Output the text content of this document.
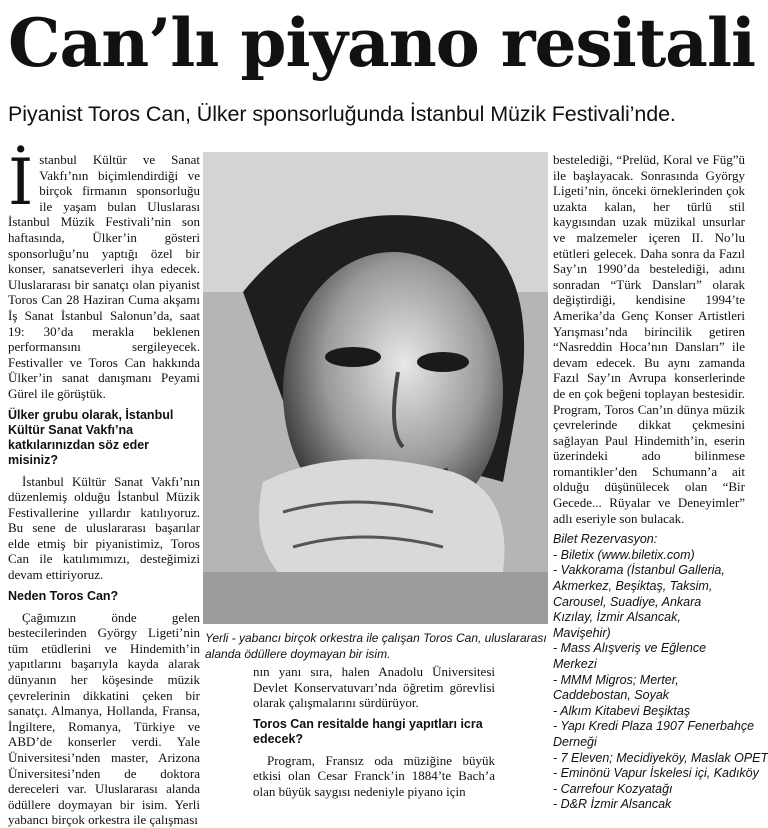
Can’lı piyano resitali
Piyanist Toros Can, Ülker sponsorluğunda İstanbul Müzik Festivali’nde.

İstanbul Kültür ve Sanat Vakfı’nın biçimlendirdiği ve birçok firmanın sponsorluğu ile yaşam bulan Uluslarası İstanbul Müzik Festivali’nin son haftasında, Ülker’in gösteri sponsorluğu’nu yaptığı özel bir konser, sanatseverleri ihya edecek. Uluslararası bir sanatçı olan piyanist Toros Can 28 Haziran Cuma akşamı İş Sanat İstanbul Salonun’da, saat 19: 30’da merakla beklenen performansını sergileyecek. Festivaller ve Toros Can hakkında Ülker’in sanat danışmanı Peyami Gürel ile görüştük.

Ülker grubu olarak, İstanbul Kültür Sanat Vakfı’na katkılarınızdan söz eder misiniz?

İstanbul Kültür Sanat Vakfı’nın düzenlemiş olduğu İstanbul Müzik Festivallerine yıllardır katılıyoruz. Bu sene de uluslararası başarılar elde etmiş bir piyanistimiz, Toros Can ile katılımımızı, desteğimizi devam ettiriyoruz.

Neden Toros Can?

Çağımızın önde gelen bestecilerinden György Ligeti’nin tüm etüdlerini ve Hindemith’in yapıtlarını başarıyla kayda alarak dünyanın her köşesinde müzik çevrelerinin dikkatini çeken bir sanatçı. Almanya, Hollanda, Fransa, İngiltere, Romanya, Türkiye ve ABD’de konserler verdi. Yale Üniversitesi’nden master, Arizona Üniversitesi’nden de doktora dereceleri var. Uluslararası alanda ödüllere doymayan bir isim. Yerli yabancı birçok orkestra ile çalışması

Yerli - yabancı birçok orkestra ile çalışan Toros Can, uluslararası alanda ödüllere doymayan bir isim.

nın yanı sıra, halen Anadolu Üniversitesi Devlet Konservatuvarı’nda öğretim görevlisi olarak çalışmalarını sürdürüyor.

Toros Can resitalde hangi yapıtları icra edecek?

Program, Fransız oda müziğine büyük etkisi olan Cesar Franck’in 1884’te Bach’a olan büyük saygısı nedeniyle piyano için

bestelediği, “Prelüd, Koral ve Füg”ü ile başlayacak. Sonrasında György Ligeti’nin, önceki örneklerinden çok uzakta kalan, her türlü stil kaygısından uzak müzikal unsurlar ve malzemeler içeren II. No’lu etütleri gelecek. Daha sonra da Fazıl Say’ın 1990’da bestelediği, adını sonradan “Türk Dansları” olarak değiştirdiği, kendisine 1994’te Amerika’da Genç Konser Artistleri Yarışması’nda birincilik getiren “Nasreddin Hoca’nın Dansları” ile devam edecek. Bu aynı zamanda Fazıl Say’ın Avrupa konserlerinde de en çok beğeni toplayan bestesidir. Program, Toros Can’ın dünya müzik çevrelerinde dikkat çekmesini sağlayan Paul Hindemith’in, eserin üzerindeki ado bilinmese romantikler’den Schumann’a ait olduğu düşünülecek olan “Bir Gecede... Rüyalar ve Deneyimler” adlı eseriyle son bulacak.

Bilet Rezervasyon:
- Biletix (www.biletix.com)
- Vakkorama (İstanbul Galleria,
Akmerkez, Beşiktaş, Taksim,
Carousel, Suadiye, Ankara
Kızılay, İzmir Alsancak,
Mavişehir)
- Mass Alışveriş ve Eğlence
Merkezi
- MMM Migros; Merter,
Caddebostan, Soyak
- Alkım Kitabevi Beşiktaş
- Yapı Kredi Plaza 1907 Fenerbahçe
Derneği
- 7 Eleven; Mecidiyeköy, Maslak OPET
- Eminönü Vapur İskelesi içi, Kadıköy
- Carrefour Kozyatağı
- D&R İzmir Alsancak
